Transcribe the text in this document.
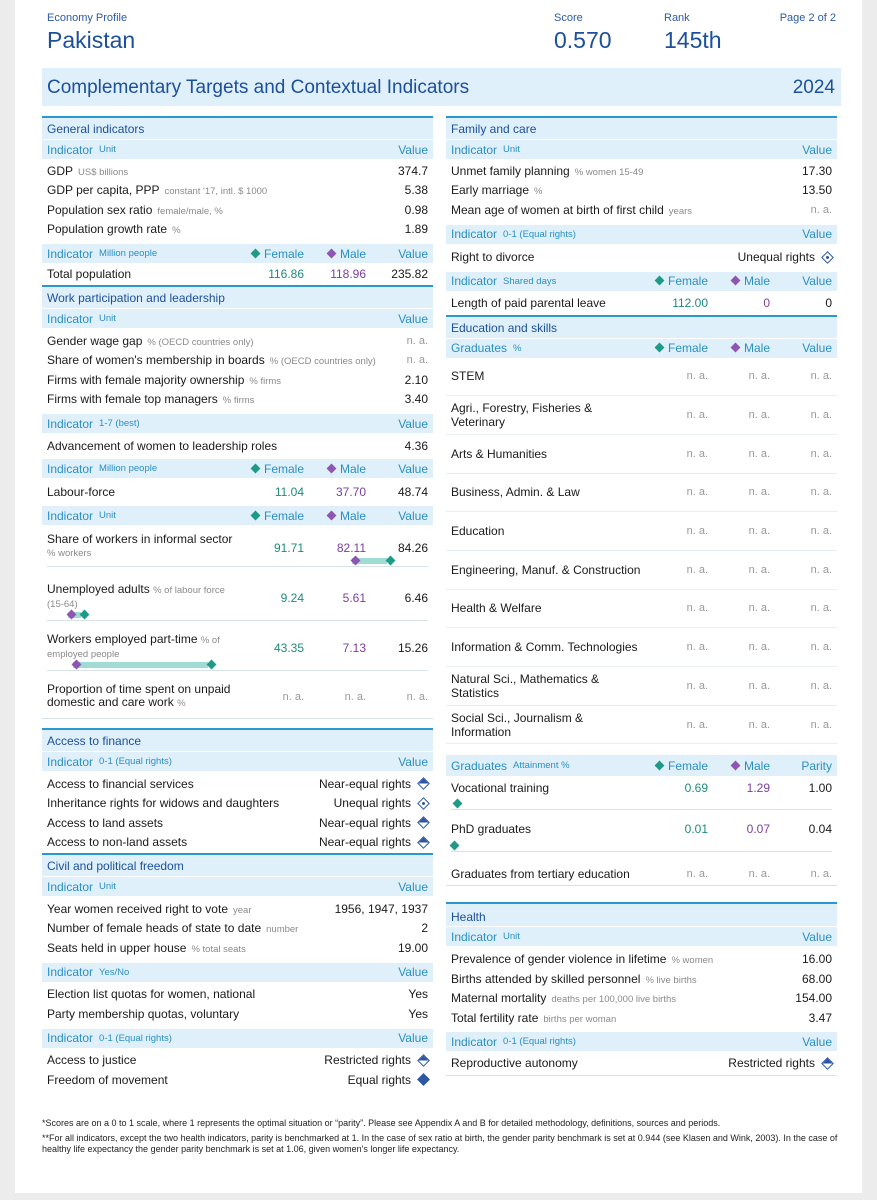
Economy Profile
Pakistan
Score
0.570
Rank
145th
Page 2 of 2
Complementary Targets and Contextual Indicators	2024
General indicators
Indicator Unit	Value
GDP US$ billions	374.7
GDP per capita, PPP constant '17, intl. $ 1000	5.38
Population sex ratio female/male, %	0.98
Population growth rate %	1.89
Indicator Million people	Female	Male	Value
Total population	116.86	118.96	235.82
Work participation and leadership
Indicator Unit	Value
Gender wage gap % (OECD countries only)	n. a.
Share of women's membership in boards % (OECD countries only)	n. a.
Firms with female majority ownership % firms	2.10
Firms with female top managers % firms	3.40
Indicator 1-7 (best)	Value
Advancement of women to leadership roles	4.36
Indicator Million people	Female	Male	Value
Labour-force	11.04	37.70	48.74
Indicator Unit	Female	Male	Value
Share of workers in informal sector % workers	91.71	82.11	84.26
Unemployed adults % of labour force (15-64)	9.24	5.61	6.46
Workers employed part-time % of employed people	43.35	7.13	15.26
Proportion of time spent on unpaid
domestic and care work %
n. a.	n. a.	n. a.
Access to finance
Indicator 0-1 (Equal rights)	Value
Access to financial services	Near-equal rights
Inheritance rights for widows and daughters	Unequal rights
Access to land assets	Near-equal rights
Access to non-land assets	Near-equal rights
Civil and political freedom
Indicator Unit	Value
Year women received right to vote year	1956, 1947, 1937
Number of female heads of state to date number	2
Seats held in upper house % total seats	19.00
Indicator Yes/No	Value
Election list quotas for women, national	Yes
Party membership quotas, voluntary	Yes
Indicator 0-1 (Equal rights)	Value
Access to justice	Restricted rights
Freedom of movement	Equal rights
Family and care
Indicator Unit	Value
Unmet family planning % women 15-49	17.30
Early marriage %	13.50
Mean age of women at birth of first child years	n. a.
Indicator 0-1 (Equal rights)	Value
Right to divorce	Unequal rights
Indicator Shared days	Female	Male	Value
Length of paid parental leave	112.00	0	0
Education and skills
Graduates %	Female	Male	Value
STEM	n. a.	n. a.	n. a.
Agri., Forestry, Fisheries & Veterinary	n. a.	n. a.	n. a.
Arts & Humanities	n. a.	n. a.	n. a.
Business, Admin. & Law	n. a.	n. a.	n. a.
Education	n. a.	n. a.	n. a.
Engineering, Manuf. & Construction	n. a.	n. a.	n. a.
Health & Welfare	n. a.	n. a.	n. a.
Information & Comm. Technologies	n. a.	n. a.	n. a.
Natural Sci., Mathematics & Statistics	n. a.	n. a.	n. a.
Social Sci., Journalism & Information	n. a.	n. a.	n. a.
Graduates Attainment %	Female	Male	Parity
Vocational training	0.69	1.29	1.00
PhD graduates	0.01	0.07	0.04
Graduates from tertiary education	n. a.	n. a.	n. a.
Health
Indicator Unit	Value
Prevalence of gender violence in lifetime % women	16.00
Births attended by skilled personnel % live births	68.00
Maternal mortality deaths per 100,000 live births	154.00
Total fertility rate births per woman	3.47
Indicator 0-1 (Equal rights)	Value
Reproductive autonomy	Restricted rights
*Scores are on a 0 to 1 scale, where 1 represents the optimal situation or “parity”. Please see Appendix A and B for detailed methodology, definitions, sources and periods.
**For all indicators, except the two health indicators, parity is benchmarked at 1. In the case of sex ratio at birth, the gender parity benchmark is set at 0.944 (see Klasen and Wink, 2003). In the case of healthy life expectancy the gender parity benchmark is set at 1.06, given women's longer life expectancy.
